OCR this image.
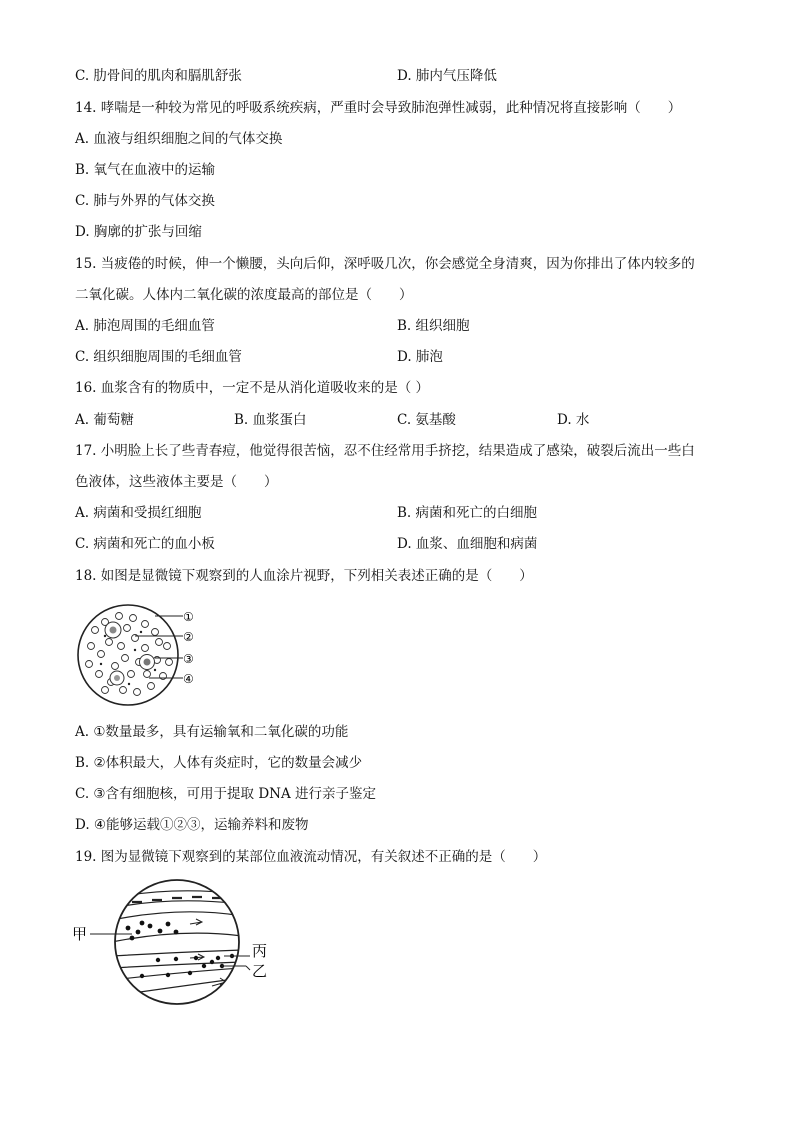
C. 肋骨间的肌肉和膈肌舒张	D. 肺内气压降低
14. 哮喘是一种较为常见的呼吸系统疾病，严重时会导致肺泡弹性减弱，此种情况将直接影响（　　）
A. 血液与组织细胞之间的气体交换
B. 氧气在血液中的运输
C. 肺与外界的气体交换
D. 胸廓的扩张与回缩
15. 当疲倦的时候，伸一个懒腰，头向后仰，深呼吸几次，你会感觉全身清爽，因为你排出了体内较多的
二氧化碳。人体内二氧化碳的浓度最高的部位是（　　）
A. 肺泡周围的毛细血管	B. 组织细胞
C. 组织细胞周围的毛细血管	D. 肺泡
16. 血浆含有的物质中，一定不是从消化道吸收来的是（ ）
A. 葡萄糖	B. 血浆蛋白	C. 氨基酸	D. 水
17. 小明脸上长了些青春痘，他觉得很苦恼，忍不住经常用手挤挖，结果造成了感染，破裂后流出一些白
色液体，这些液体主要是（　　）
A. 病菌和受损红细胞	B. 病菌和死亡的白细胞
C. 病菌和死亡的血小板	D. 血浆、血细胞和病菌
18. 如图是显微镜下观察到的人血涂片视野，下列相关表述正确的是（　　）
①
②
③
④
A. ①数量最多，具有运输氧和二氧化碳的功能
B. ②体积最大，人体有炎症时，它的数量会减少
C. ③含有细胞核，可用于提取 DNA 进行亲子鉴定
D. ④能够运载①②③，运输养料和废物
19. 图为显微镜下观察到的某部位血液流动情况，有关叙述不正确的是（　　）
甲
丙
乙
